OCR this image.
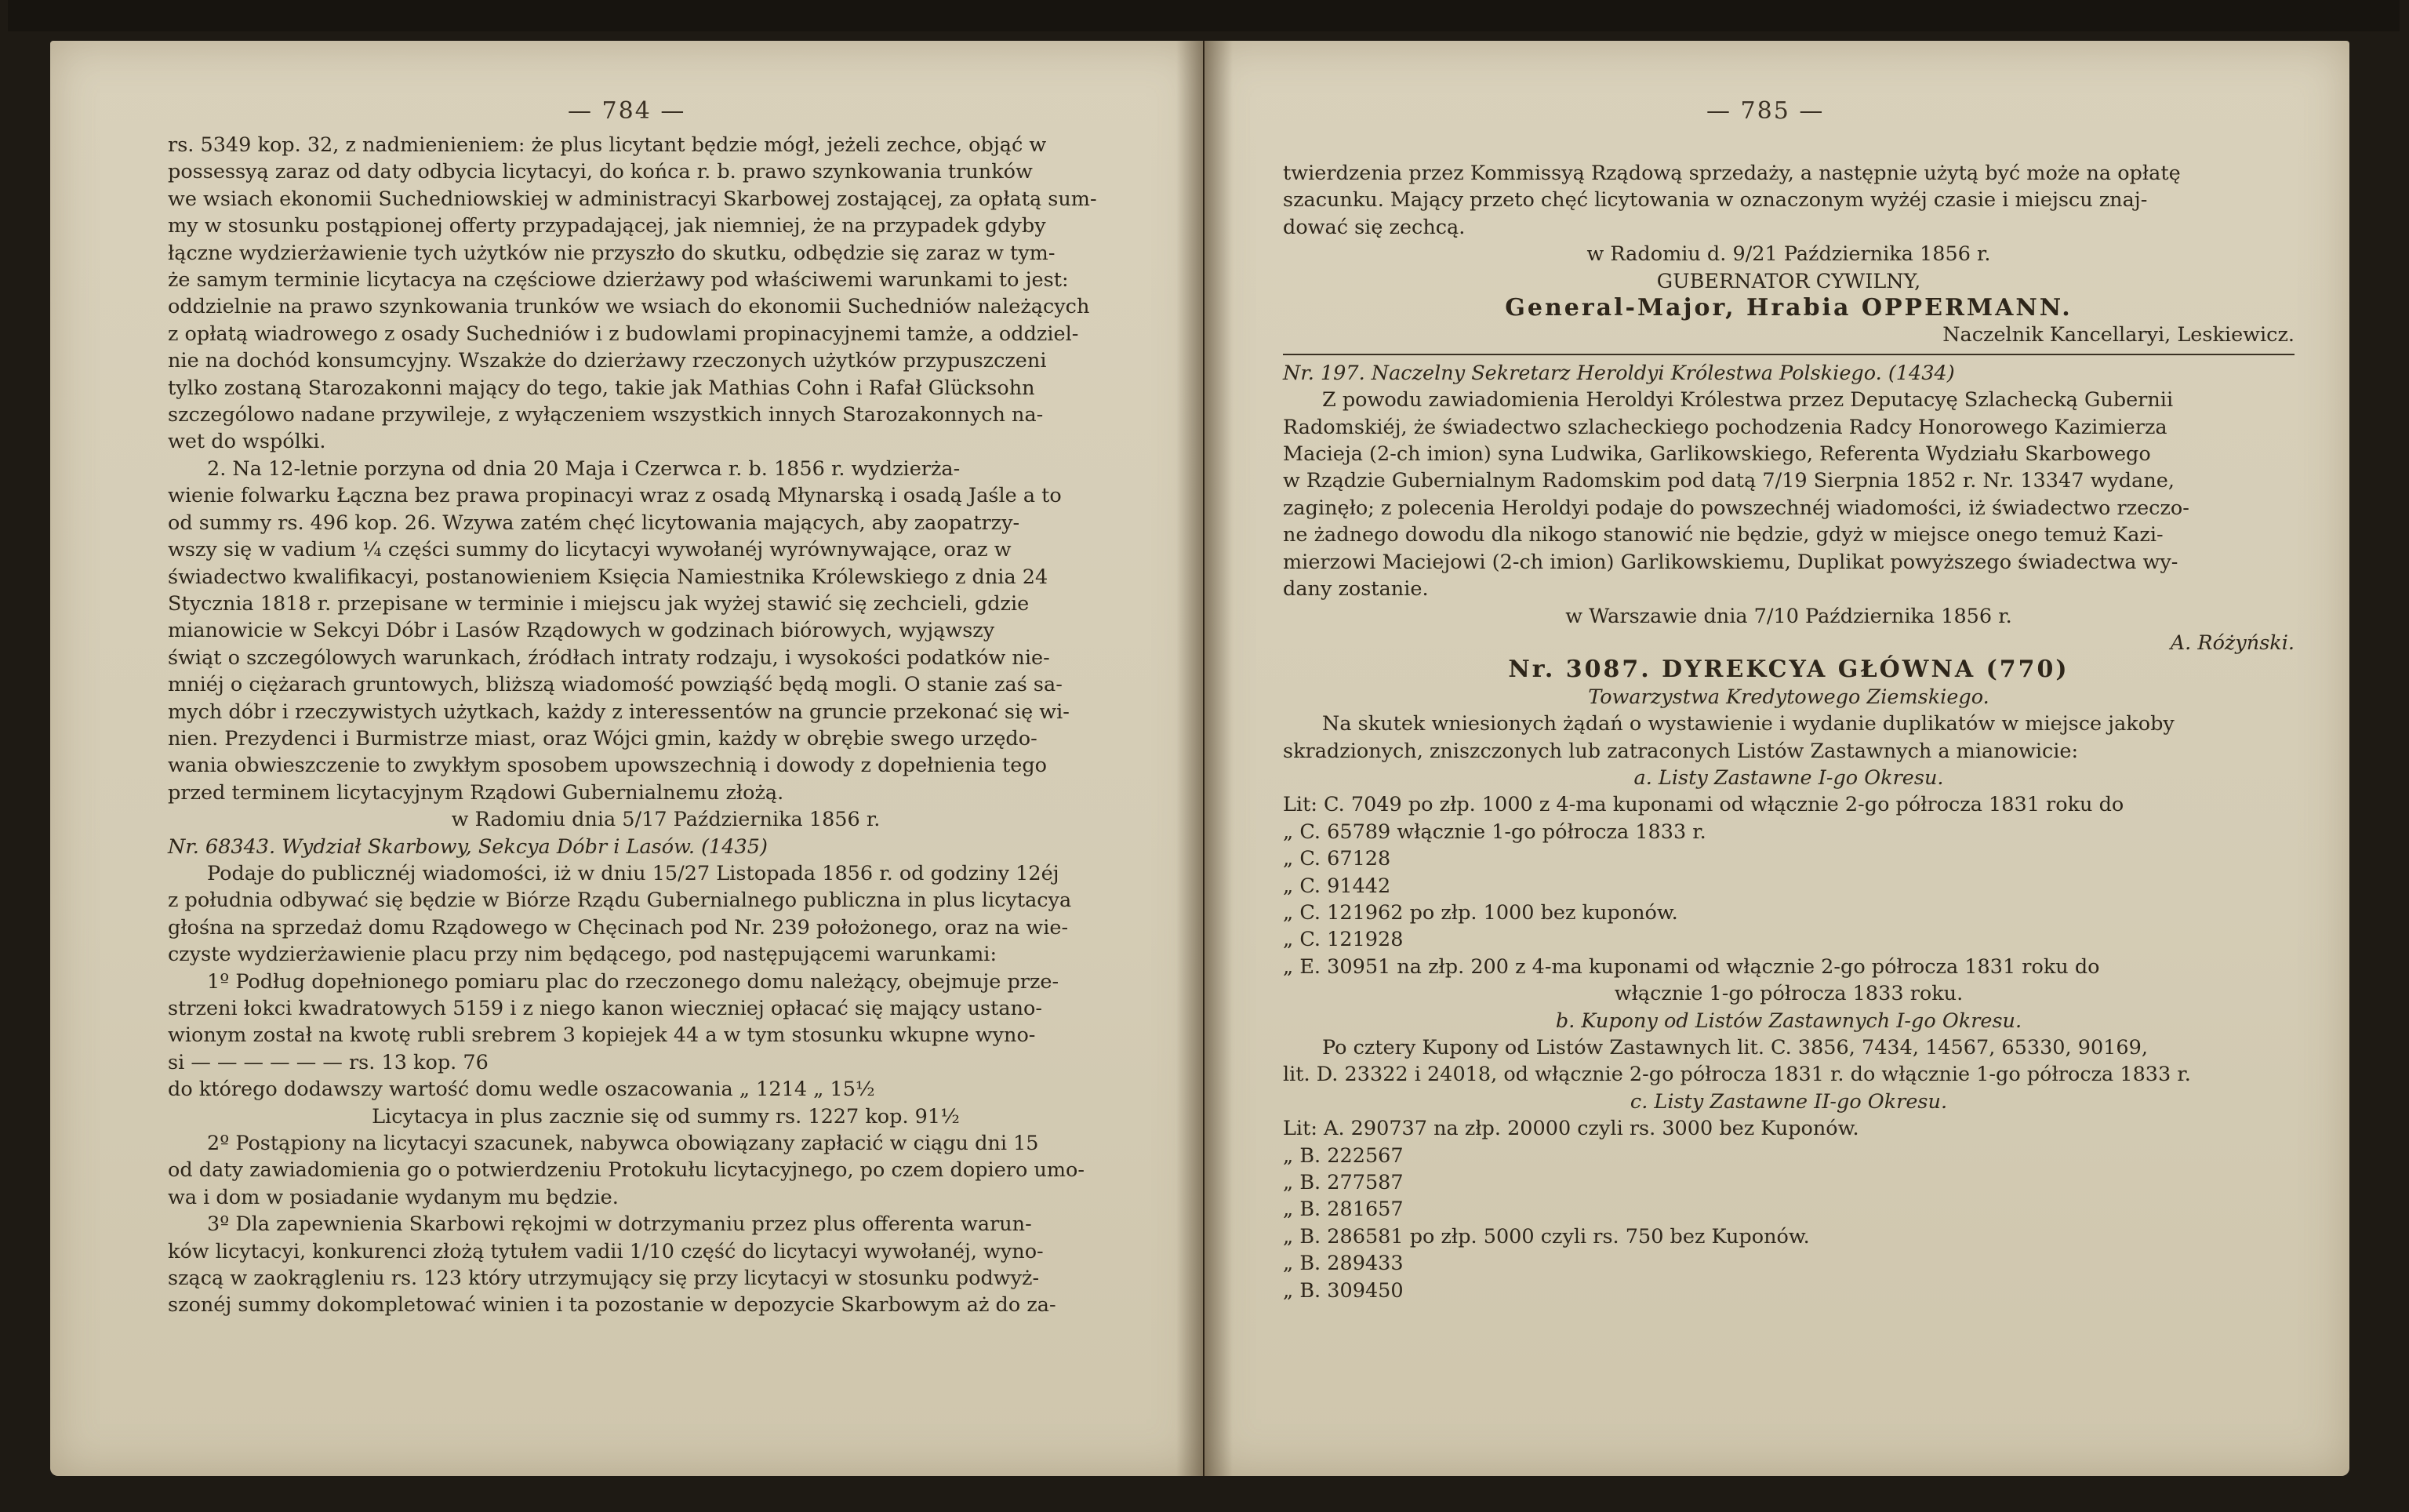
— 784 —

rs. 5349 kop. 32, z nadmienieniem: że plus licytant będzie mógł, jeżeli zechce, objąć w

possessyą zaraz od daty odbycia licytacyi, do końca r. b. prawo szynkowania trunków

we wsiach ekonomii Suchedniowskiej w administracyi Skarbowej zostającej, za opłatą sum-

my w stosunku postąpionej offerty przypadającej, jak niemniej, że na przypadek gdyby

łączne wydzierżawienie tych użytków nie przyszło do skutku, odbędzie się zaraz w tym-

że samym terminie licytacya na częściowe dzierżawy pod właściwemi warunkami to jest:

oddzielnie na prawo szynkowania trunków we wsiach do ekonomii Suchedniów należących

z opłatą wiadrowego z osady Suchedniów i z budowlami propinacyjnemi tamże, a oddziel-

nie na dochód konsumcyjny. Wszakże do dzierżawy rzeczonych użytków przypuszczeni

tylko zostaną Starozakonni mający do tego, takie jak Mathias Cohn i Rafał Glücksohn

szczególowo nadane przywileje, z wyłączeniem wszystkich innych Starozakonnych na-

wet do wspólki.

2. Na 12-letnie porzyna od dnia 20 Maja i Czerwca r. b. 1856 r. wydzierża-

wienie folwarku Łączna bez prawa propinacyi wraz z osadą Młynarską i osadą Jaśle a to

od summy rs. 496 kop. 26. Wzywa zatém chęć licytowania mających, aby zaopatrzy-

wszy się w vadium ¼ części summy do licytacyi wywołanéj wyrównywające, oraz w

świadectwo kwalifikacyi, postanowieniem Księcia Namiestnika Królewskiego z dnia 24

Stycznia 1818 r. przepisane w terminie i miejscu jak wyżej stawić się zechcieli, gdzie

mianowicie w Sekcyi Dóbr i Lasów Rządowych w godzinach biórowych, wyjąwszy

świąt o szczególowych warunkach, źródłach intraty rodzaju, i wysokości podatków nie-

mniéj o ciężarach gruntowych, bliższą wiadomość powziąść będą mogli. O stanie zaś sa-

mych dóbr i rzeczywistych użytkach, każdy z interessentów na gruncie przekonać się wi-

nien. Prezydenci i Burmistrze miast, oraz Wójci gmin, każdy w obrębie swego urzędo-

wania obwieszczenie to zwykłym sposobem upowszechnią i dowody z dopełnienia tego

przed terminem licytacyjnym Rządowi Gubernialnemu złożą.

w Radomiu dnia 5/17 Października 1856 r.

Nr. 68343. Wydział Skarbowy, Sekcya Dóbr i Lasów. (1435)

Podaje do publicznéj wiadomości, iż w dniu 15/27 Listopada 1856 r. od godziny 12éj

z południa odbywać się będzie w Biórze Rządu Gubernialnego publiczna in plus licytacya

głośna na sprzedaż domu Rządowego w Chęcinach pod Nr. 239 położonego, oraz na wie-

czyste wydzierżawienie placu przy nim będącego, pod następującemi warunkami:

1º Podług dopełnionego pomiaru plac do rzeczonego domu należący, obejmuje prze-

strzeni łokci kwadratowych 5159 i z niego kanon wieczniej opłacać się mający ustano-

wionym został na kwotę rubli srebrem 3 kopiejek 44 a w tym stosunku wkupne wyno-

si — — — — — — rs. 13 kop. 76

do którego dodawszy wartość domu wedle oszacowania „ 1214 „ 15½

Licytacya in plus zacznie się od summy rs. 1227 kop. 91½

2º Postąpiony na licytacyi szacunek, nabywca obowiązany zapłacić w ciągu dni 15

od daty zawiadomienia go o potwierdzeniu Protokułu licytacyjnego, po czem dopiero umo-

wa i dom w posiadanie wydanym mu będzie.

3º Dla zapewnienia Skarbowi rękojmi w dotrzymaniu przez plus offerenta warun-

ków licytacyi, konkurenci złożą tytułem vadii 1/10 część do licytacyi wywołanéj, wyno-

szącą w zaokrągleniu rs. 123 który utrzymujący się przy licytacyi w stosunku podwyż-

szonéj summy dokompletować winien i ta pozostanie w depozycie Skarbowym aż do za-

— 785 —

twierdzenia przez Kommissyą Rządową sprzedaży, a następnie użytą być może na opłatę

szacunku. Mający przeto chęć licytowania w oznaczonym wyżéj czasie i miejscu znaj-

dować się zechcą.

w Radomiu d. 9/21 Października 1856 r.

GUBERNATOR CYWILNY,

General-Major, Hrabia OPPERMANN.

Naczelnik Kancellaryi, Leskiewicz.

Nr. 197. Naczelny Sekretarz Heroldyi Królestwa Polskiego. (1434)

Z powodu zawiadomienia Heroldyi Królestwa przez Deputacyę Szlachecką Gubernii

Radomskiéj, że świadectwo szlacheckiego pochodzenia Radcy Honorowego Kazimierza

Macieja (2-ch imion) syna Ludwika, Garlikowskiego, Referenta Wydziału Skarbowego

w Rządzie Gubernialnym Radomskim pod datą 7/19 Sierpnia 1852 r. Nr. 13347 wydane,

zaginęło; z polecenia Heroldyi podaje do powszechnéj wiadomości, iż świadectwo rzeczo-

ne żadnego dowodu dla nikogo stanowić nie będzie, gdyż w miejsce onego temuż Kazi-

mierzowi Maciejowi (2-ch imion) Garlikowskiemu, Duplikat powyższego świadectwa wy-

dany zostanie.

w Warszawie dnia 7/10 Października 1856 r.

A. Różyński.

Nr. 3087. DYREKCYA GŁÓWNA (770)

Towarzystwa Kredytowego Ziemskiego.

Na skutek wniesionych żądań o wystawienie i wydanie duplikatów w miejsce jakoby

skradzionych, zniszczonych lub zatraconych Listów Zastawnych a mianowicie:

a. Listy Zastawne I-go Okresu.

Lit: C. 7049 po złp. 1000 z 4-ma kuponami od włącznie 2-go półrocza 1831 roku do

„ C. 65789 włącznie 1-go półrocza 1833 r.

„ C. 67128

„ C. 91442

„ C. 121962 po złp. 1000 bez kuponów.

„ C. 121928

„ E. 30951 na złp. 200 z 4-ma kuponami od włącznie 2-go półrocza 1831 roku do

włącznie 1-go półrocza 1833 roku.

b. Kupony od Listów Zastawnych I-go Okresu.

Po cztery Kupony od Listów Zastawnych lit. C. 3856, 7434, 14567, 65330, 90169,

lit. D. 23322 i 24018, od włącznie 2-go półrocza 1831 r. do włącznie 1-go półrocza 1833 r.

c. Listy Zastawne II-go Okresu.

Lit: A. 290737 na złp. 20000 czyli rs. 3000 bez Kuponów.

„ B. 222567

„ B. 277587

„ B. 281657

„ B. 286581 po złp. 5000 czyli rs. 750 bez Kuponów.

„ B. 289433

„ B. 309450
